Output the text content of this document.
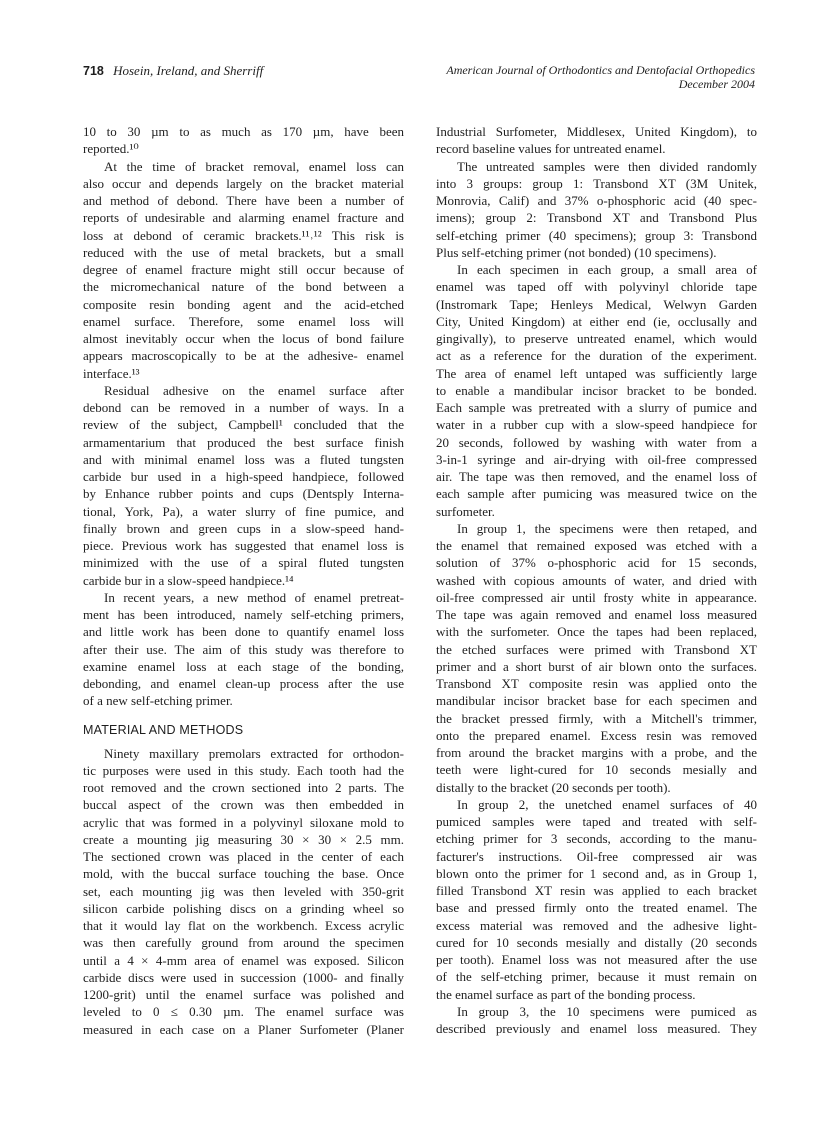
718 Hosein, Ireland, and Sherriff	American Journal of Orthodontics and Dentofacial Orthopedics
December 2004
10 to 30 µm to as much as 170 µm, have been
reported.¹⁰
At the time of bracket removal, enamel loss can
also occur and depends largely on the bracket material
and method of debond. There have been a number of
reports of undesirable and alarming enamel fracture and
loss at debond of ceramic brackets.¹¹˒¹² This risk is
reduced with the use of metal brackets, but a small
degree of enamel fracture might still occur because of
the micromechanical nature of the bond between a
composite resin bonding agent and the acid-etched
enamel surface. Therefore, some enamel loss will
almost inevitably occur when the locus of bond failure
appears macroscopically to be at the adhesive- enamel
interface.¹³
Residual adhesive on the enamel surface after
debond can be removed in a number of ways. In a
review of the subject, Campbell¹ concluded that the
armamentarium that produced the best surface finish
and with minimal enamel loss was a fluted tungsten
carbide bur used in a high-speed handpiece, followed
by Enhance rubber points and cups (Dentsply Interna-
tional, York, Pa), a water slurry of fine pumice, and
finally brown and green cups in a slow-speed hand-
piece. Previous work has suggested that enamel loss is
minimized with the use of a spiral fluted tungsten
carbide bur in a slow-speed handpiece.¹⁴
In recent years, a new method of enamel pretreat-
ment has been introduced, namely self-etching primers,
and little work has been done to quantify enamel loss
after their use. The aim of this study was therefore to
examine enamel loss at each stage of the bonding,
debonding, and enamel clean-up process after the use
of a new self-etching primer.
MATERIAL AND METHODS
Ninety maxillary premolars extracted for orthodon-
tic purposes were used in this study. Each tooth had the
root removed and the crown sectioned into 2 parts. The
buccal aspect of the crown was then embedded in
acrylic that was formed in a polyvinyl siloxane mold to
create a mounting jig measuring 30 × 30 × 2.5 mm.
The sectioned crown was placed in the center of each
mold, with the buccal surface touching the base. Once
set, each mounting jig was then leveled with 350-grit
silicon carbide polishing discs on a grinding wheel so
that it would lay flat on the workbench. Excess acrylic
was then carefully ground from around the specimen
until a 4 × 4-mm area of enamel was exposed. Silicon
carbide discs were used in succession (1000- and finally
1200-grit) until the enamel surface was polished and
leveled to 0 ≤ 0.30 µm. The enamel surface was
measured in each case on a Planer Surfometer (Planer
Industrial Surfometer, Middlesex, United Kingdom), to
record baseline values for untreated enamel.
The untreated samples were then divided randomly
into 3 groups: group 1: Transbond XT (3M Unitek,
Monrovia, Calif) and 37% o-phosphoric acid (40 spec-
imens); group 2: Transbond XT and Transbond Plus
self-etching primer (40 specimens); group 3: Transbond
Plus self-etching primer (not bonded) (10 specimens).
In each specimen in each group, a small area of
enamel was taped off with polyvinyl chloride tape
(Instromark Tape; Henleys Medical, Welwyn Garden
City, United Kingdom) at either end (ie, occlusally and
gingivally), to preserve untreated enamel, which would
act as a reference for the duration of the experiment.
The area of enamel left untaped was sufficiently large
to enable a mandibular incisor bracket to be bonded.
Each sample was pretreated with a slurry of pumice and
water in a rubber cup with a slow-speed handpiece for
20 seconds, followed by washing with water from a
3-in-1 syringe and air-drying with oil-free compressed
air. The tape was then removed, and the enamel loss of
each sample after pumicing was measured twice on the
surfometer.
In group 1, the specimens were then retaped, and
the enamel that remained exposed was etched with a
solution of 37% o-phosphoric acid for 15 seconds,
washed with copious amounts of water, and dried with
oil-free compressed air until frosty white in appearance.
The tape was again removed and enamel loss measured
with the surfometer. Once the tapes had been replaced,
the etched surfaces were primed with Transbond XT
primer and a short burst of air blown onto the surfaces.
Transbond XT composite resin was applied onto the
mandibular incisor bracket base for each specimen and
the bracket pressed firmly, with a Mitchell's trimmer,
onto the prepared enamel. Excess resin was removed
from around the bracket margins with a probe, and the
teeth were light-cured for 10 seconds mesially and
distally to the bracket (20 seconds per tooth).
In group 2, the unetched enamel surfaces of 40
pumiced samples were taped and treated with self-
etching primer for 3 seconds, according to the manu-
facturer's instructions. Oil-free compressed air was
blown onto the primer for 1 second and, as in Group 1,
filled Transbond XT resin was applied to each bracket
base and pressed firmly onto the treated enamel. The
excess material was removed and the adhesive light-
cured for 10 seconds mesially and distally (20 seconds
per tooth). Enamel loss was not measured after the use
of the self-etching primer, because it must remain on
the enamel surface as part of the bonding process.
In group 3, the 10 specimens were pumiced as
described previously and enamel loss measured. They
